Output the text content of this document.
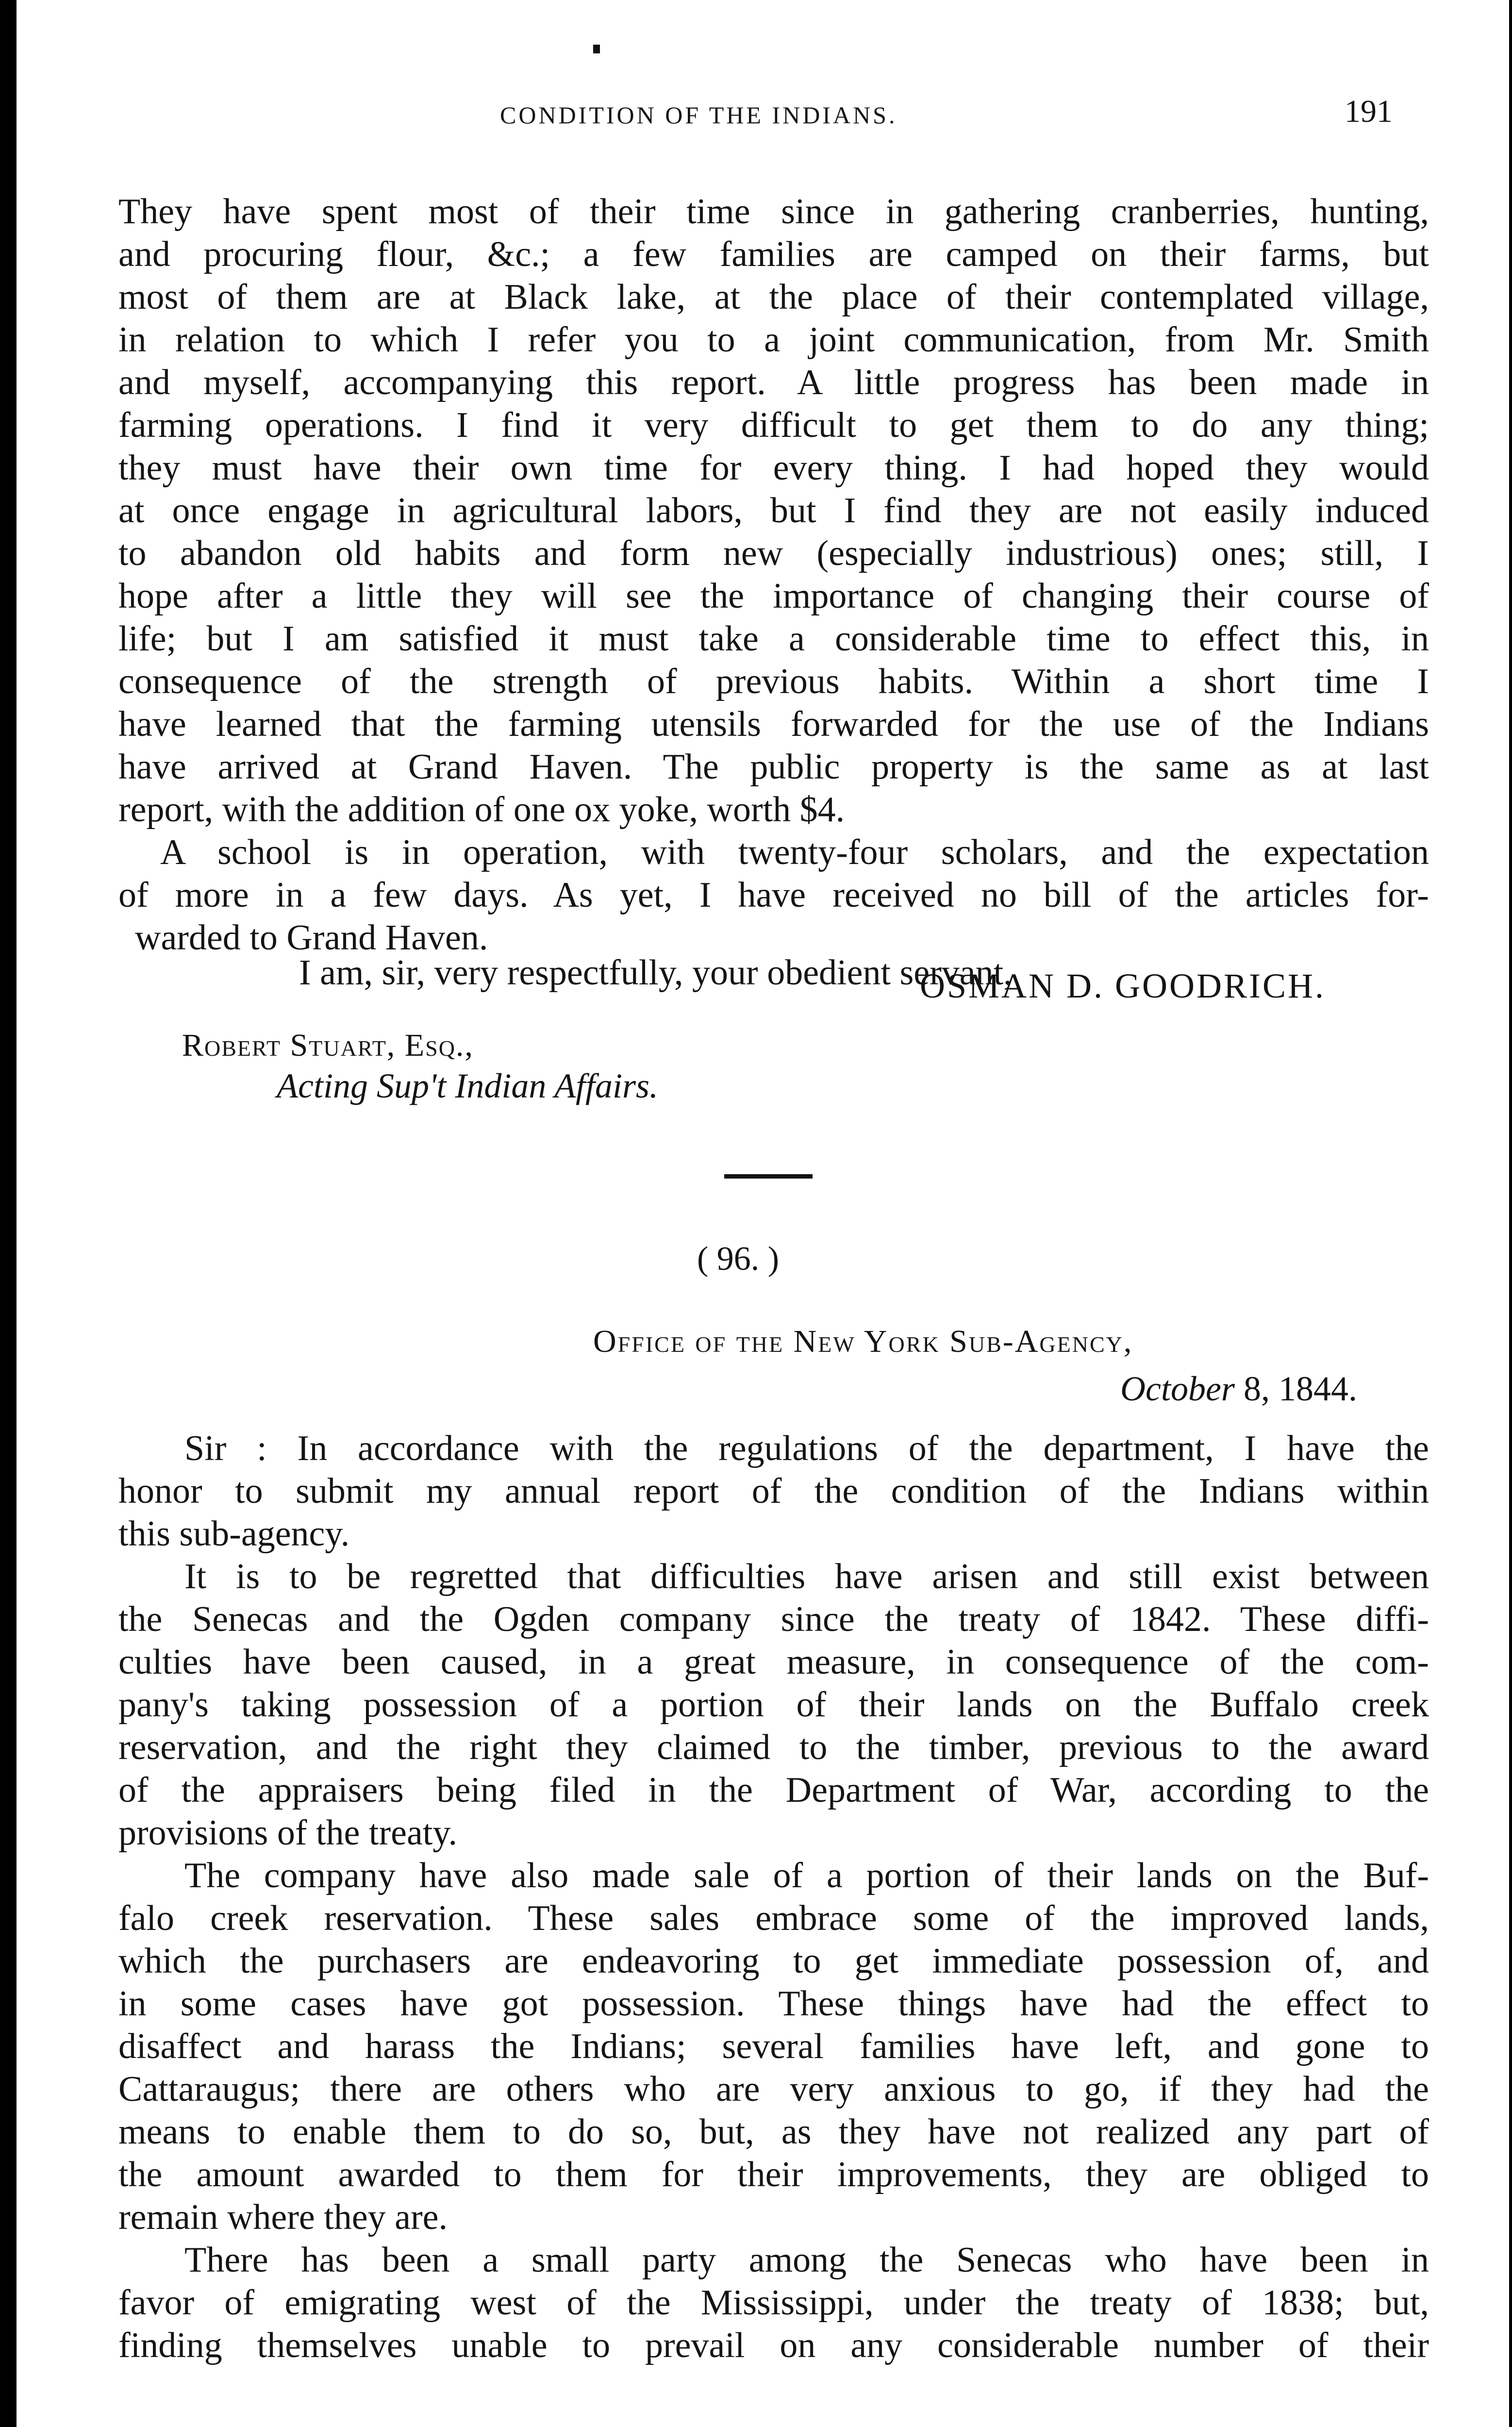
CONDITION OF THE INDIANS.	191
They have spent most of their time since in gathering cranberries, hunting,
and procuring flour, &c.; a few families are camped on their farms, but
most of them are at Black lake, at the place of their contemplated village,
in relation to which I refer you to a joint communication, from Mr. Smith
and myself, accompanying this report. A little progress has been made in
farming operations. I find it very difficult to get them to do any thing;
they must have their own time for every thing. I had hoped they would
at once engage in agricultural labors, but I find they are not easily induced
to abandon old habits and form new (especially industrious) ones; still, I
hope after a little they will see the importance of changing their course of
life; but I am satisfied it must take a considerable time to effect this, in
consequence of the strength of previous habits. Within a short time I
have learned that the farming utensils forwarded for the use of the Indians
have arrived at Grand Haven. The public property is the same as at last
report, with the addition of one ox yoke, worth $4.
A school is in operation, with twenty-four scholars, and the expectation
of more in a few days. As yet, I have received no bill of the articles for-
warded to Grand Haven.
I am, sir, very respectfully, your obedient servant,
OSMAN D. GOODRICH.
Robert Stuart, Esq.,
Acting Sup't Indian Affairs.
( 96. )
Office of the New York Sub-Agency,
October 8, 1844.
Sir : In accordance with the regulations of the department, I have the
honor to submit my annual report of the condition of the Indians within
this sub-agency.
It is to be regretted that difficulties have arisen and still exist between
the Senecas and the Ogden company since the treaty of 1842. These diffi-
culties have been caused, in a great measure, in consequence of the com-
pany's taking possession of a portion of their lands on the Buffalo creek
reservation, and the right they claimed to the timber, previous to the award
of the appraisers being filed in the Department of War, according to the
provisions of the treaty.
The company have also made sale of a portion of their lands on the Buf-
falo creek reservation. These sales embrace some of the improved lands,
which the purchasers are endeavoring to get immediate possession of, and
in some cases have got possession. These things have had the effect to
disaffect and harass the Indians; several families have left, and gone to
Cattaraugus; there are others who are very anxious to go, if they had the
means to enable them to do so, but, as they have not realized any part of
the amount awarded to them for their improvements, they are obliged to
remain where they are.
There has been a small party among the Senecas who have been in
favor of emigrating west of the Mississippi, under the treaty of 1838; but,
finding themselves unable to prevail on any considerable number of their
